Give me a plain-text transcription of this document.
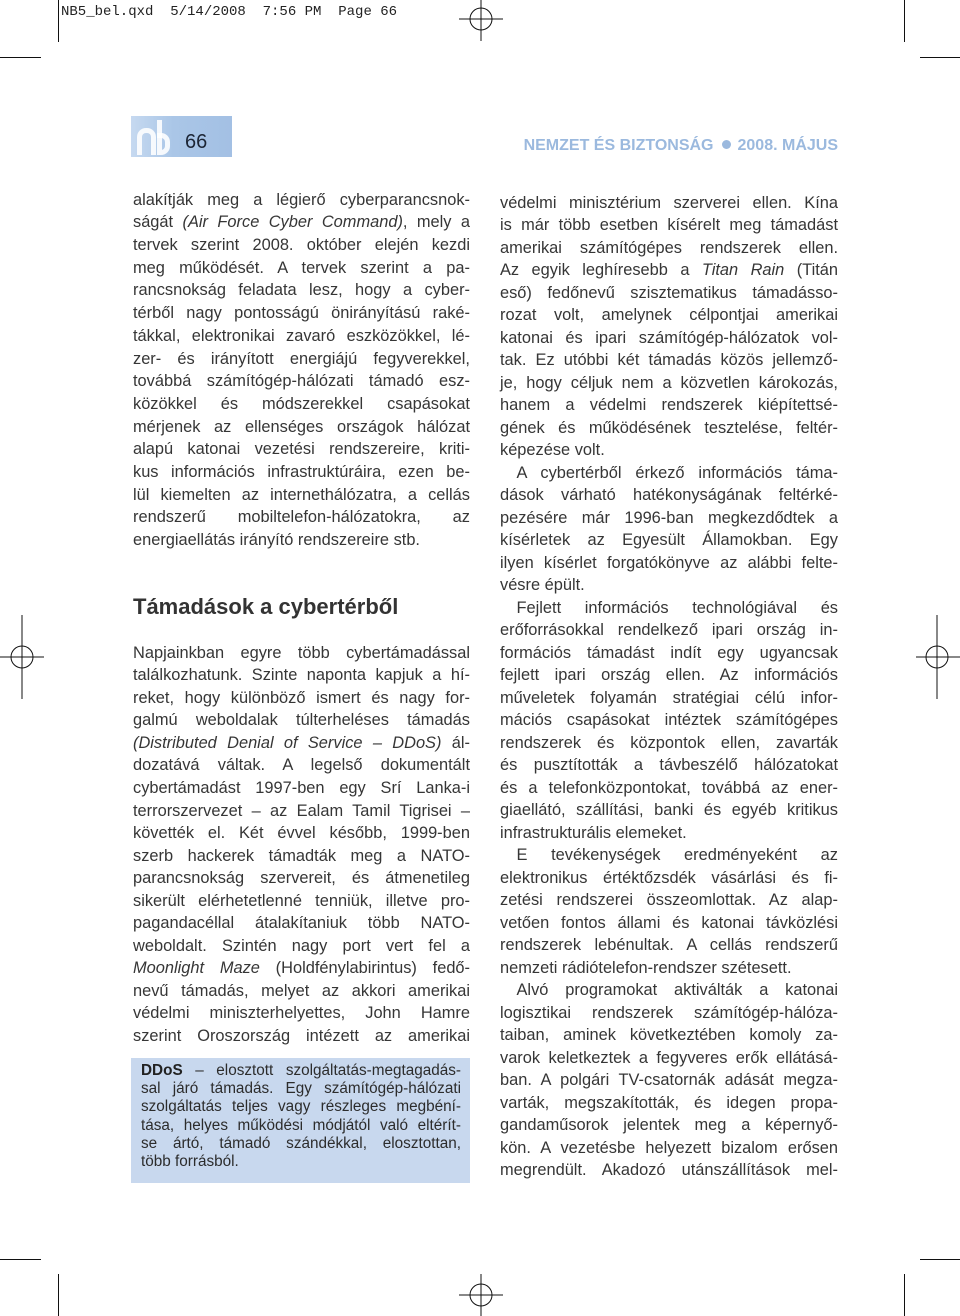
NB5_bel.qxd  5/14/2008  7:56 PM  Page 66
66	NEMZET ÉS BIZTONSÁG 2008. MÁJUS
alakítják meg a légierő cyberparancsnok-
ságát (Air Force Cyber Command), mely a
tervek szerint 2008. október elején kezdi
meg működését. A tervek szerint a pa-
rancsnokság feladata lesz, hogy a cyber-
térből nagy pontosságú önirányítású raké-
tákkal, elektronikai zavaró eszközökkel, lé-
zer- és irányított energiájú fegyverekkel,
továbbá számítógép-hálózati támadó esz-
közökkel és módszerekkel csapásokat
mérjenek az ellenséges országok hálózat
alapú katonai vezetési rendszereire, kriti-
kus információs infrastruktúráira, ezen be-
lül kiemelten az internethálózatra, a cellás
rendszerű mobiltelefon-hálózatokra, az
energiaellátás irányító rendszereire stb.
Támadások a cybertérből
Napjainkban egyre több cybertámadással
találkozhatunk. Szinte naponta kapjuk a hí-
reket, hogy különböző ismert és nagy for-
galmú weboldalak túlterheléses támadás
(Distributed Denial of Service – DDoS) ál-
dozatává váltak. A legelső dokumentált
cybertámadást 1997-ben egy Srí Lanka-i
terrorszervezet – az Ealam Tamil Tigrisei –
követték el. Két évvel később, 1999-ben
szerb hackerek támadták meg a NATO-
parancsnokság szervereit, és átmenetileg
sikerült elérhetetlenné tenniük, illetve pro-
pagandacéllal átalakítaniuk több NATO-
weboldalt. Szintén nagy port vert fel a
Moonlight Maze (Holdfénylabirintus) fedő-
nevű támadás, melyet az akkori amerikai
védelmi miniszterhelyettes, John Hamre
szerint Oroszország intézett az amerikai
DDoS – elosztott szolgáltatás-megtagadás-
sal járó támadás. Egy számítógép-hálózati
szolgáltatás teljes vagy részleges megbéní-
tása, helyes működési módjától való eltérít-
se ártó, támadó szándékkal, elosztottan,
több forrásból.
védelmi minisztérium szerverei ellen. Kína
is már több esetben kísérelt meg támadást
amerikai számítógépes rendszerek ellen.
Az egyik leghíresebb a Titan Rain (Titán
eső) fedőnevű szisztematikus támadásso-
rozat volt, amelynek célpontjai amerikai
katonai és ipari számítógép-hálózatok vol-
tak. Ez utóbbi két támadás közös jellemző-
je, hogy céljuk nem a közvetlen károkozás,
hanem a védelmi rendszerek kiépítettsé-
gének és működésének tesztelése, feltér-
képezése volt.
A cybertérből érkező információs táma-
dások várható hatékonyságának feltérké-
pezésére már 1996-ban megkezdődtek a
kísérletek az Egyesült Államokban. Egy
ilyen kísérlet forgatókönyve az alábbi felte-
vésre épült.
Fejlett információs technológiával és
erőforrásokkal rendelkező ipari ország in-
formációs támadást indít egy ugyancsak
fejlett ipari ország ellen. Az információs
műveletek folyamán stratégiai célú infor-
mációs csapásokat intéztek számítógépes
rendszerek és központok ellen, zavarták
és pusztították a távbeszélő hálózatokat
és a telefonközpontokat, továbbá az ener-
giaellátó, szállítási, banki és egyéb kritikus
infrastrukturális elemeket.
E tevékenységek eredményeként az
elektronikus értéktőzsdék vásárlási és fi-
zetési rendszerei összeomlottak. Az alap-
vetően fontos állami és katonai távközlési
rendszerek lebénultak. A cellás rendszerű
nemzeti rádiótelefon-rendszer szétesett.
Alvó programokat aktiválták a katonai
logisztikai rendszerek számítógép-hálóza-
taiban, aminek következtében komoly za-
varok keletkeztek a fegyveres erők ellátásá-
ban. A polgári TV-csatornák adását megza-
varták, megszakították, és idegen propa-
gandaműsorok jelentek meg a képernyő-
kön. A vezetésbe helyezett bizalom erősen
megrendült. Akadozó utánszállítások mel-
